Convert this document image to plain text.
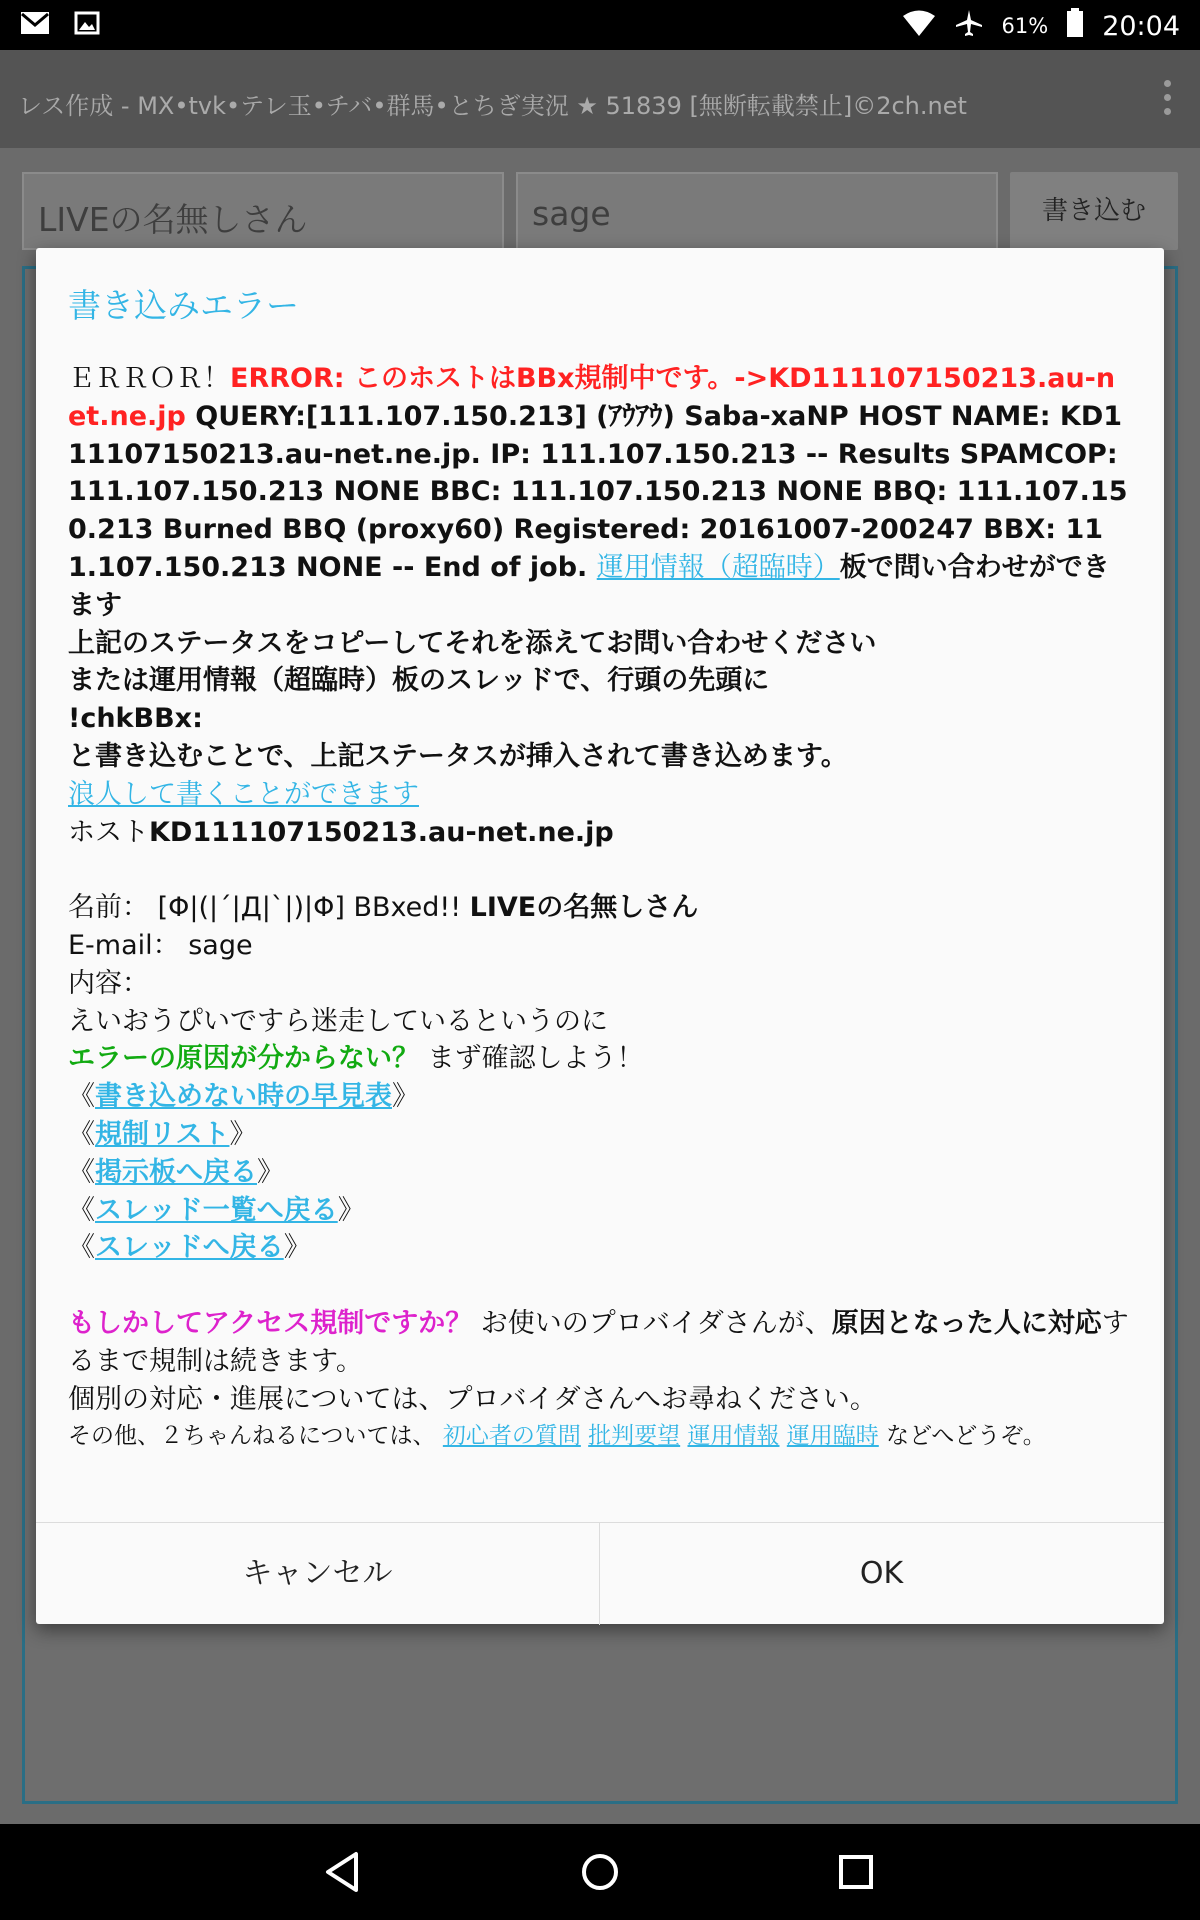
61% 20:04
レス作成 - MX•tvk•テレ玉•チバ•群馬•とちぎ実況 ★ 51839 [無断転載禁止]©2ch.net
LIVEの名無しさん	sage	書き込む
書き込みエラー

ＥＲＲＯＲ！ERROR: このホストはBBx規制中です。->KD111107150213.au-net.ne.jp QUERY:[111.107.150.213] (ｱｳｱｳ) Saba-xaNP HOST NAME: KD111107150213.au-net.ne.jp. IP: 111.107.150.213 -- Results SPAMCOP: 111.107.150.213 NONE BBC: 111.107.150.213 NONE BBQ: 111.107.150.213 Burned BBQ (proxy60) Registered: 20161007-200247 BBX: 111.107.150.213 NONE -- End of job. 運用情報（超臨時）板で問い合わせができます

上記のステータスをコピーしてそれを添えてお問い合わせください

または運用情報（超臨時）板のスレッドで、行頭の先頭に

!chkBBx:

と書き込むことで、上記ステータスが挿入されて書き込めます。

浪人して書くことができます

ホストKD111107150213.au-net.ne.jp

名前： [Φ|(|´|Д|`|)|Φ] BBxed!! LIVEの名無しさん

E-mail： sage

内容：

えいおうぴいですら迷走しているというのに

エラーの原因が分からない？ まず確認しよう！

《書き込めない時の早見表》

《規制リスト》

《掲示板へ戻る》

《スレッド一覧へ戻る》

《スレッドへ戻る》

もしかしてアクセス規制ですか？ お使いのプロバイダさんが、原因となった人に対応するまで規制は続きます。

個別の対応・進展については、プロバイダさんへお尋ねください。

その他、２ちゃんねるについては、 初心者の質問 批判要望 運用情報 運用臨時 などへどうぞ。

キャンセル	OK
